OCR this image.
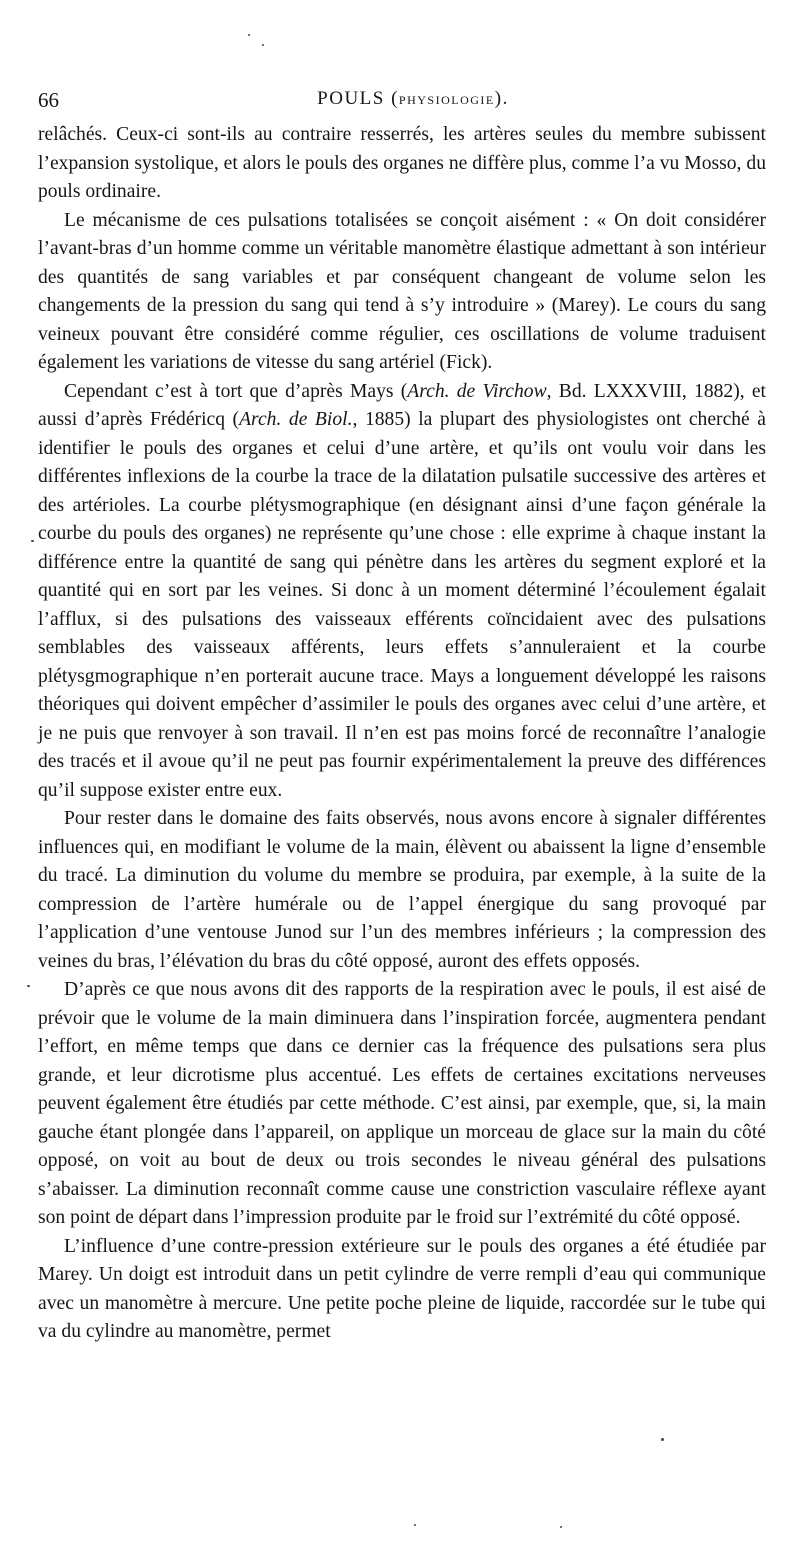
66	POULS (PHYSIOLOGIE).

relâchés. Ceux-ci sont-ils au contraire resserrés, les artères seules du membre subissent l’expansion systolique, et alors le pouls des organes ne diffère plus, comme l’a vu Mosso, du pouls ordinaire.

Le mécanisme de ces pulsations totalisées se conçoit aisément : « On doit considérer l’avant-bras d’un homme comme un véritable manomètre élastique admettant à son intérieur des quantités de sang variables et par conséquent changeant de volume selon les changements de la pression du sang qui tend à s’y introduire » (Marey). Le cours du sang veineux pouvant être considéré comme régulier, ces oscillations de volume traduisent également les variations de vitesse du sang artériel (Fick).

Cependant c’est à tort que d’après Mays (Arch. de Virchow, Bd. LXXXVIII, 1882), et aussi d’après Frédéricq (Arch. de Biol., 1885) la plupart des physiologistes ont cherché à identifier le pouls des organes et celui d’une artère, et qu’ils ont voulu voir dans les différentes inflexions de la courbe la trace de la dilatation pulsatile successive des artères et des artérioles. La courbe plétysmographique (en désignant ainsi d’une façon générale la courbe du pouls des organes) ne représente qu’une chose : elle exprime à chaque instant la différence entre la quantité de sang qui pénètre dans les artères du segment exploré et la quantité qui en sort par les veines. Si donc à un moment déterminé l’écoulement égalait l’afflux, si des pulsations des vaisseaux efférents coïncidaient avec des pulsations semblables des vaisseaux afférents, leurs effets s’annuleraient et la courbe plétysgmographique n’en porterait aucune trace. Mays a longuement développé les raisons théoriques qui doivent empêcher d’assimiler le pouls des organes avec celui d’une artère, et je ne puis que renvoyer à son travail. Il n’en est pas moins forcé de reconnaître l’analogie des tracés et il avoue qu’il ne peut pas fournir expérimentalement la preuve des différences qu’il suppose exister entre eux.

Pour rester dans le domaine des faits observés, nous avons encore à signaler différentes influences qui, en modifiant le volume de la main, élèvent ou abaissent la ligne d’ensemble du tracé. La diminution du volume du membre se produira, par exemple, à la suite de la compression de l’artère humérale ou de l’appel énergique du sang provoqué par l’application d’une ventouse Junod sur l’un des membres inférieurs ; la compression des veines du bras, l’élévation du bras du côté opposé, auront des effets opposés.

D’après ce que nous avons dit des rapports de la respiration avec le pouls, il est aisé de prévoir que le volume de la main diminuera dans l’inspiration forcée, augmentera pendant l’effort, en même temps que dans ce dernier cas la fréquence des pulsations sera plus grande, et leur dicrotisme plus accentué. Les effets de certaines excitations nerveuses peuvent également être étudiés par cette méthode. C’est ainsi, par exemple, que, si, la main gauche étant plongée dans l’appareil, on applique un morceau de glace sur la main du côté opposé, on voit au bout de deux ou trois secondes le niveau général des pulsations s’abaisser. La diminution reconnaît comme cause une constriction vasculaire réflexe ayant son point de départ dans l’impression produite par le froid sur l’extrémité du côté opposé.

L’influence d’une contre-pression extérieure sur le pouls des organes a été étudiée par Marey. Un doigt est introduit dans un petit cylindre de verre rempli d’eau qui communique avec un manomètre à mercure. Une petite poche pleine de liquide, raccordée sur le tube qui va du cylindre au manomètre, permet
